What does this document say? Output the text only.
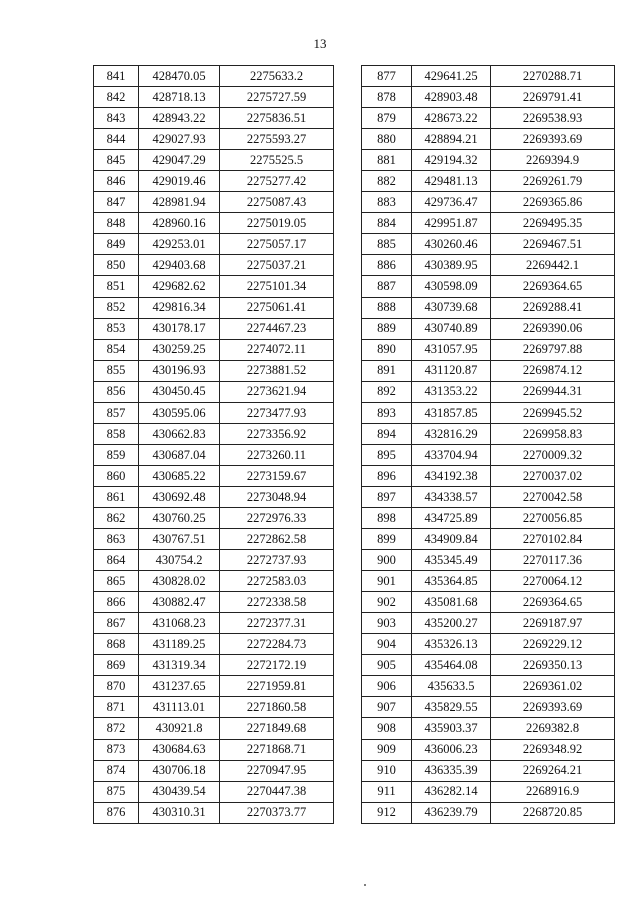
13
841	428470.05	2275633.2
842	428718.13	2275727.59
843	428943.22	2275836.51
844	429027.93	2275593.27
845	429047.29	2275525.5
846	429019.46	2275277.42
847	428981.94	2275087.43
848	428960.16	2275019.05
849	429253.01	2275057.17
850	429403.68	2275037.21
851	429682.62	2275101.34
852	429816.34	2275061.41
853	430178.17	2274467.23
854	430259.25	2274072.11
855	430196.93	2273881.52
856	430450.45	2273621.94
857	430595.06	2273477.93
858	430662.83	2273356.92
859	430687.04	2273260.11
860	430685.22	2273159.67
861	430692.48	2273048.94
862	430760.25	2272976.33
863	430767.51	2272862.58
864	430754.2	2272737.93
865	430828.02	2272583.03
866	430882.47	2272338.58
867	431068.23	2272377.31
868	431189.25	2272284.73
869	431319.34	2272172.19
870	431237.65	2271959.81
871	431113.01	2271860.58
872	430921.8	2271849.68
873	430684.63	2271868.71
874	430706.18	2270947.95
875	430439.54	2270447.38
876	430310.31	2270373.77
877	429641.25	2270288.71
878	428903.48	2269791.41
879	428673.22	2269538.93
880	428894.21	2269393.69
881	429194.32	2269394.9
882	429481.13	2269261.79
883	429736.47	2269365.86
884	429951.87	2269495.35
885	430260.46	2269467.51
886	430389.95	2269442.1
887	430598.09	2269364.65
888	430739.68	2269288.41
889	430740.89	2269390.06
890	431057.95	2269797.88
891	431120.87	2269874.12
892	431353.22	2269944.31
893	431857.85	2269945.52
894	432816.29	2269958.83
895	433704.94	2270009.32
896	434192.38	2270037.02
897	434338.57	2270042.58
898	434725.89	2270056.85
899	434909.84	2270102.84
900	435345.49	2270117.36
901	435364.85	2270064.12
902	435081.68	2269364.65
903	435200.27	2269187.97
904	435326.13	2269229.12
905	435464.08	2269350.13
906	435633.5	2269361.02
907	435829.55	2269393.69
908	435903.37	2269382.8
909	436006.23	2269348.92
910	436335.39	2269264.21
911	436282.14	2268916.9
912	436239.79	2268720.85
